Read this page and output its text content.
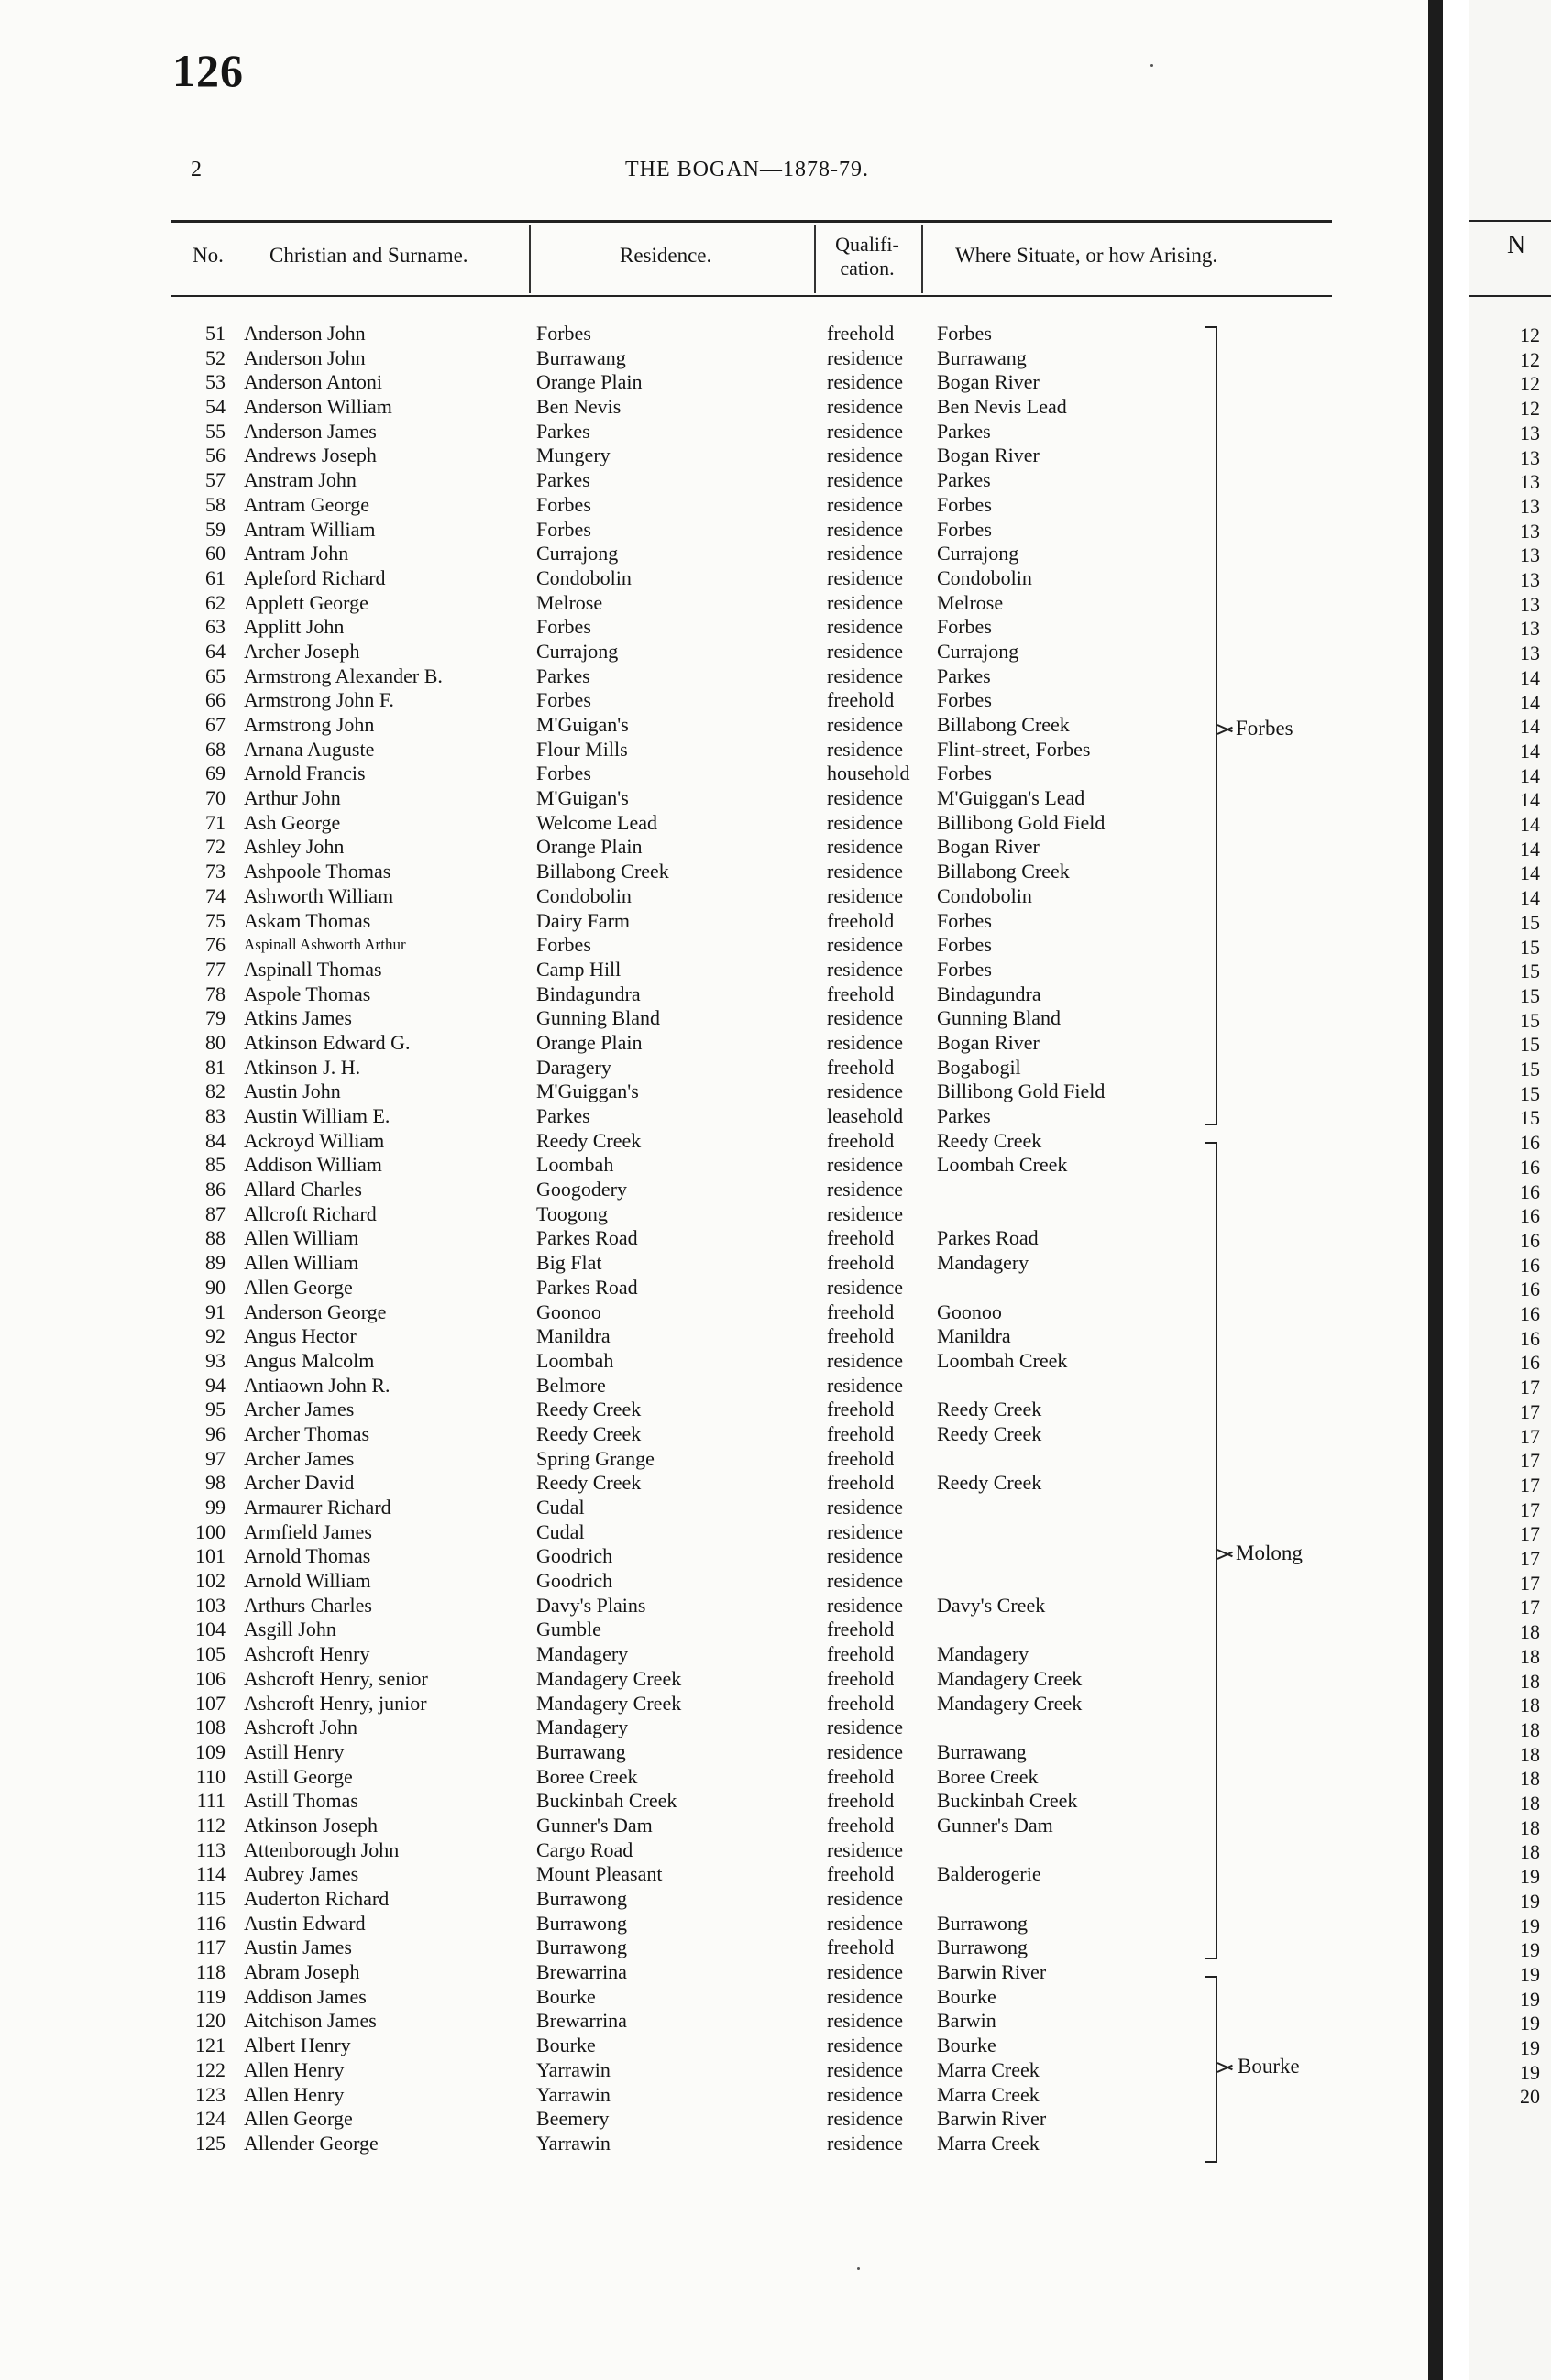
126
2	THE BOGAN—1878-79.
No. Christian and Surname.	Residence.	Qualifi-
cation.
Where Situate, or how Arising.
51 Anderson John	Forbes	freehold Forbes
52 Anderson John	Burrawang	residence Burrawang
53 Anderson Antoni	Orange Plain	residence Bogan River
54 Anderson William	Ben Nevis	residence Ben Nevis Lead
55 Anderson James	Parkes	residence Parkes
56 Andrews Joseph	Mungery	residence Bogan River
57 Anstram John	Parkes	residence Parkes
58 Antram George	Forbes	residence Forbes
59 Antram William	Forbes	residence Forbes
60 Antram John	Currajong	residence Currajong
61 Apleford Richard	Condobolin	residence Condobolin
62 Applett George	Melrose	residence Melrose
63 Applitt John	Forbes	residence Forbes
64 Archer Joseph	Currajong	residence Currajong
65 Armstrong Alexander B.	Parkes	residence Parkes
66 Armstrong John F.	Forbes	freehold Forbes
67 Armstrong John	M'Guigan's	residence Billabong Creek
68 Arnana Auguste	Flour Mills	residence Flint-street, Forbes
69 Arnold Francis	Forbes	household Forbes
70 Arthur John	M'Guigan's	residence M'Guiggan's Lead
71 Ash George	Welcome Lead	residence Billibong Gold Field
72 Ashley John	Orange Plain	residence Bogan River
73 Ashpoole Thomas	Billabong Creek	residence Billabong Creek
74 Ashworth William	Condobolin	residence Condobolin
75 Askam Thomas	Dairy Farm	freehold Forbes
76 Aspinall Ashworth Arthur	Forbes	residence Forbes
77 Aspinall Thomas	Camp Hill	residence Forbes
78 Aspole Thomas	Bindagundra	freehold Bindagundra
79 Atkins James	Gunning Bland	residence Gunning Bland
80 Atkinson Edward G.	Orange Plain	residence Bogan River
81 Atkinson J. H.	Daragery	freehold Bogabogil
82 Austin John	M'Guiggan's	residence Billibong Gold Field
83 Austin William E.	Parkes	leasehold Parkes
84 Ackroyd William	Reedy Creek	freehold Reedy Creek
85 Addison William	Loombah	residence Loombah Creek
86 Allard Charles	Googodery	residence
87 Allcroft Richard	Toogong	residence
88 Allen William	Parkes Road	freehold Parkes Road
89 Allen William	Big Flat	freehold Mandagery
90 Allen George	Parkes Road	residence
91 Anderson George	Goonoo	freehold Goonoo
92 Angus Hector	Manildra	freehold Manildra
93 Angus Malcolm	Loombah	residence Loombah Creek
94 Antiaown John R.	Belmore	residence
95 Archer James	Reedy Creek	freehold Reedy Creek
96 Archer Thomas	Reedy Creek	freehold Reedy Creek
97 Archer James	Spring Grange	freehold
98 Archer David	Reedy Creek	freehold Reedy Creek
99 Armaurer Richard	Cudal	residence
100 Armfield James	Cudal	residence
101 Arnold Thomas	Goodrich	residence
102 Arnold William	Goodrich	residence
103 Arthurs Charles	Davy's Plains	residence Davy's Creek
104 Asgill John	Gumble	freehold
105 Ashcroft Henry	Mandagery	freehold Mandagery
106 Ashcroft Henry, senior	Mandagery Creek	freehold Mandagery Creek
107 Ashcroft Henry, junior	Mandagery Creek	freehold Mandagery Creek
108 Ashcroft John	Mandagery	residence
109 Astill Henry	Burrawang	residence Burrawang
110 Astill George	Boree Creek	freehold Boree Creek
111 Astill Thomas	Buckinbah Creek	freehold Buckinbah Creek
112 Atkinson Joseph	Gunner's Dam	freehold Gunner's Dam
113 Attenborough John	Cargo Road	residence
114 Aubrey James	Mount Pleasant	freehold Balderogerie
115 Auderton Richard	Burrawong	residence
116 Austin Edward	Burrawong	residence Burrawong
117 Austin James	Burrawong	freehold Burrawong
118 Abram Joseph	Brewarrina	residence Barwin River
119 Addison James	Bourke	residence Bourke
120 Aitchison James	Brewarrina	residence Barwin
121 Albert Henry	Bourke	residence Bourke
122 Allen Henry	Yarrawin	residence Marra Creek
123 Allen Henry	Yarrawin	residence Marra Creek
124 Allen George	Beemery	residence Barwin River
125 Allender George	Yarrawin	residence Marra Creek
Forbes
Molong
Bourke
N
12
12
12
12
13
13
13
13
13
13
13
13
13
13
14
14
14
14
14
14
14
14
14
14
15
15
15
15
15
15
15
15
15
16
16
16
16
16
16
16
16
16
16
17
17
17
17
17
17
17
17
17
17
18
18
18
18
18
18
18
18
18
18
19
19
19
19
19
19
19
19
19
20
